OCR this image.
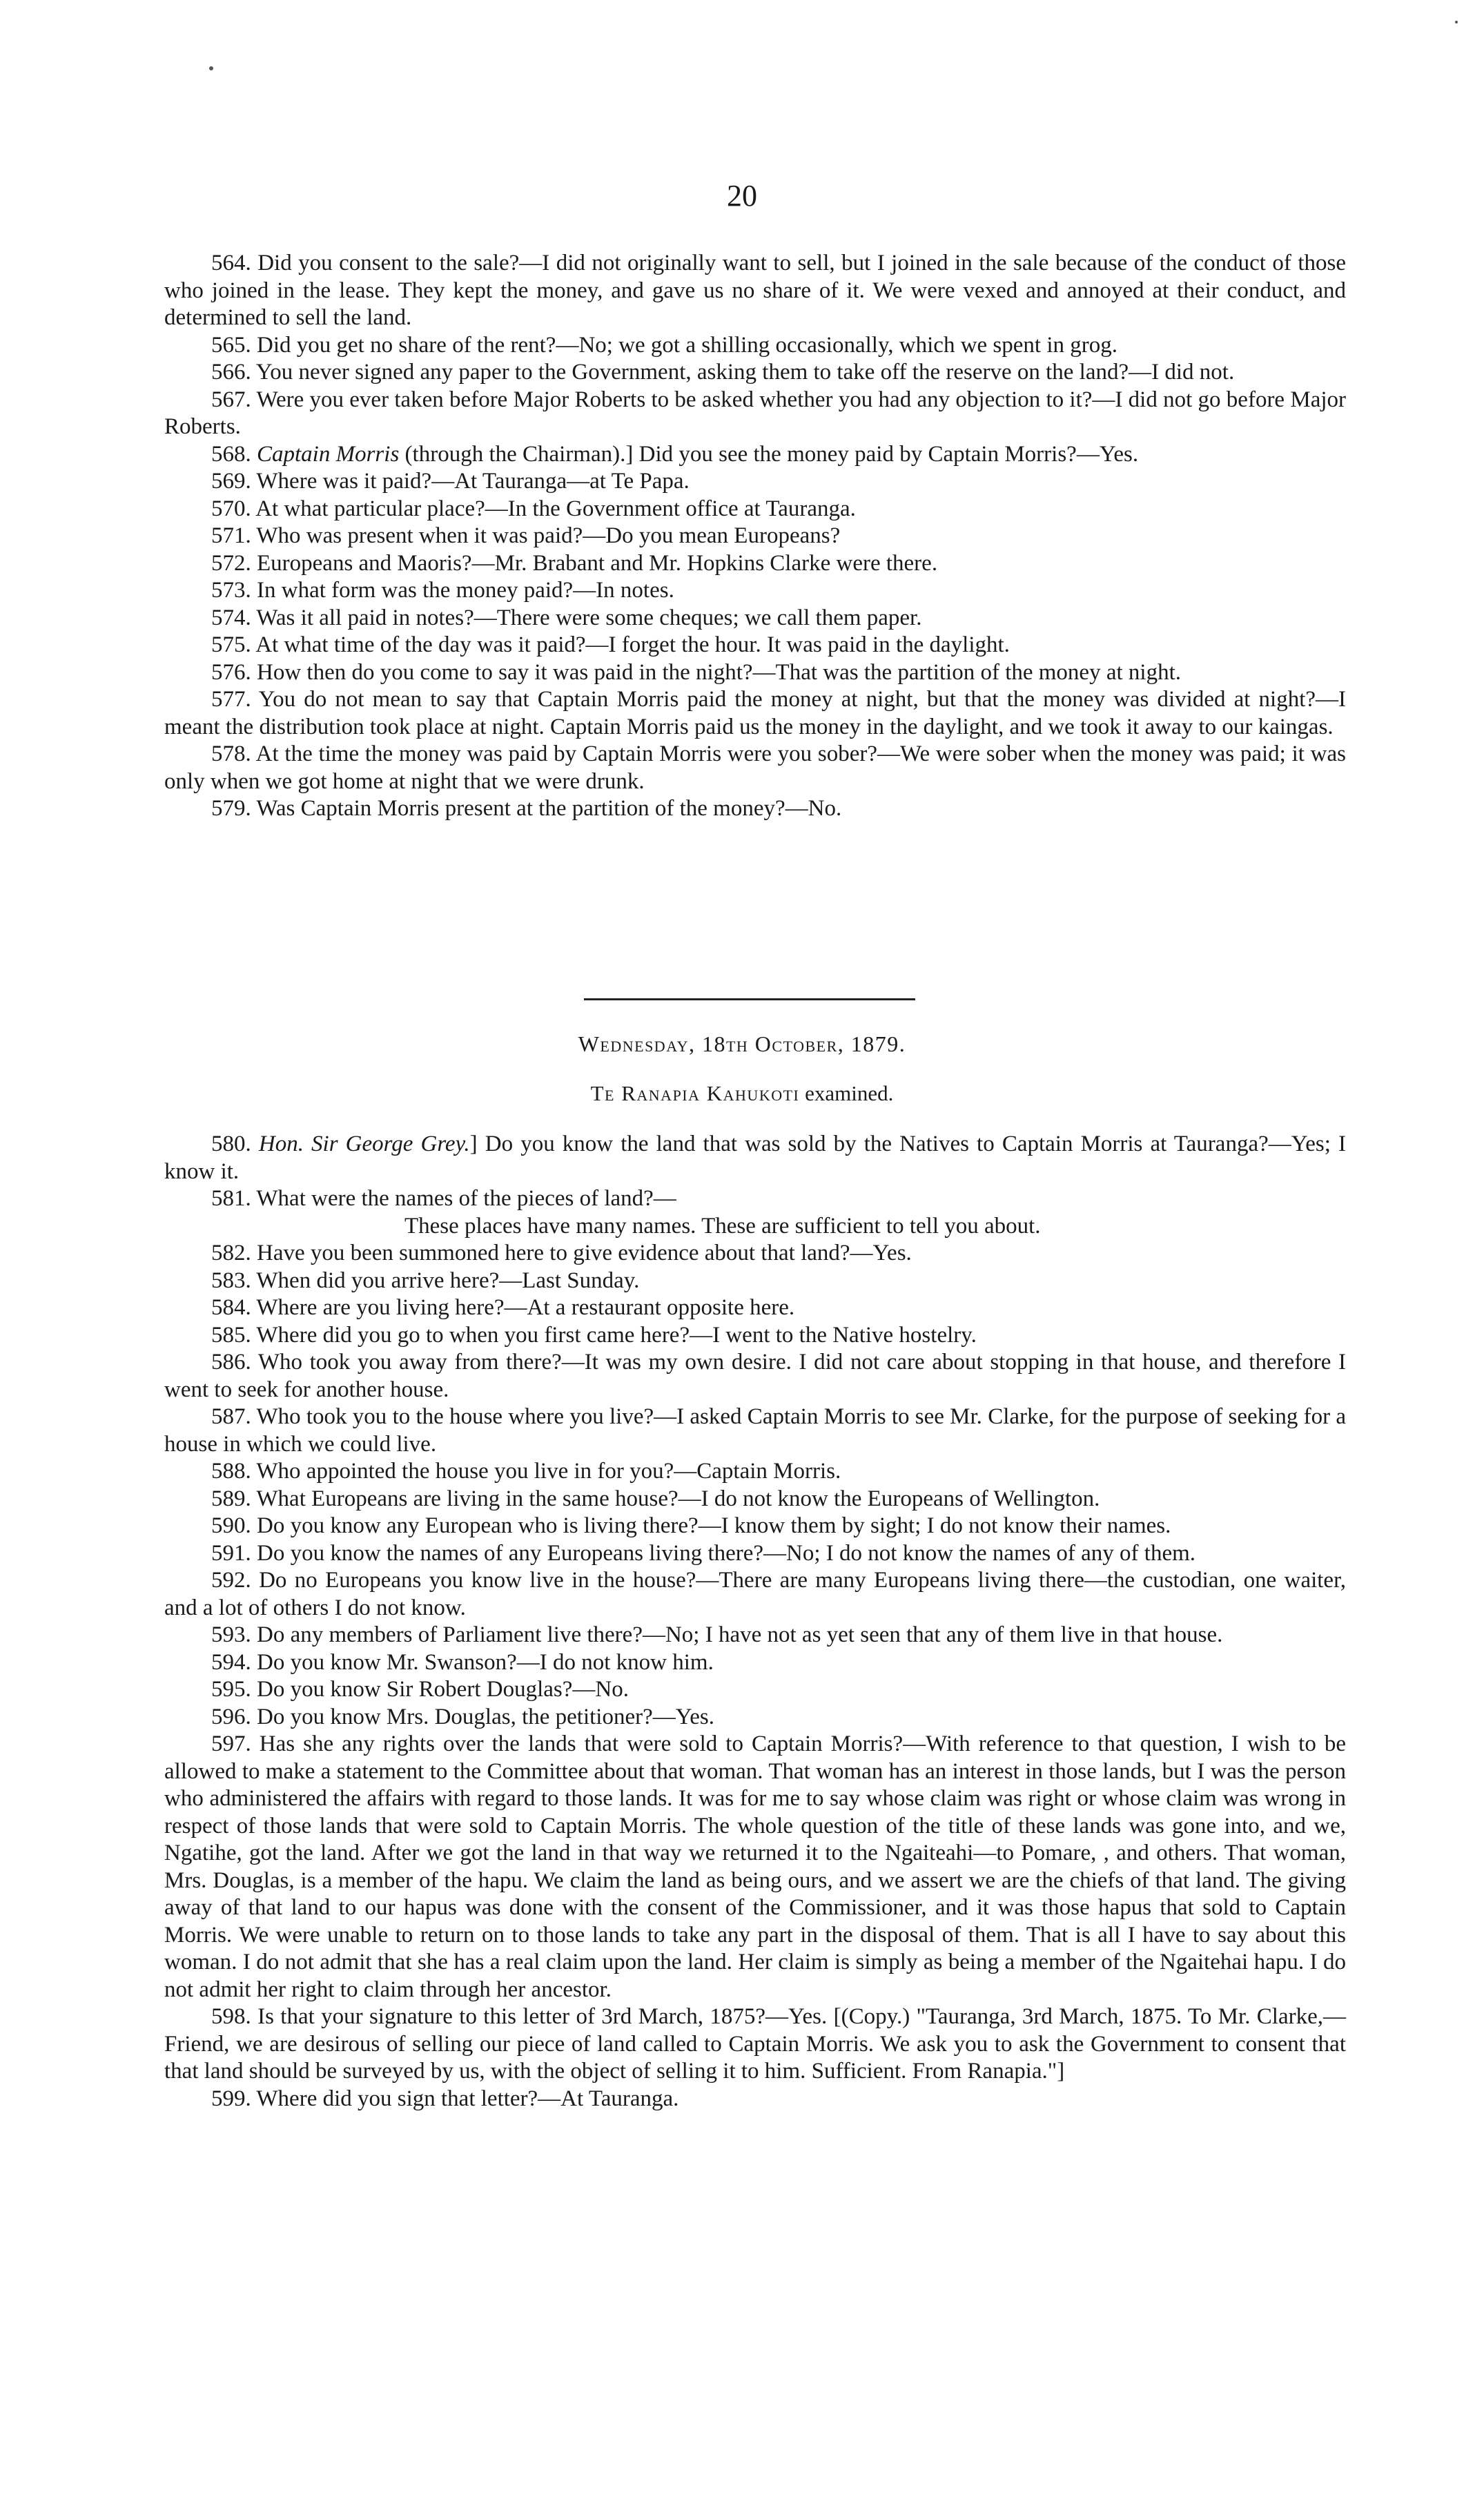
20

564. Did you consent to the sale?—I did not originally want to sell, but I joined in the sale because of the conduct of those who joined in the lease. They kept the money, and gave us no share of it. We were vexed and annoyed at their conduct, and determined to sell the land.

565. Did you get no share of the rent?—No; we got a shilling occasionally, which we spent in grog.

566. You never signed any paper to the Government, asking them to take off the reserve on the land?—I did not.

567. Were you ever taken before Major Roberts to be asked whether you had any objection to it?—I did not go before Major Roberts.

568. Captain Morris (through the Chairman).] Did you see the money paid by Captain Morris?—Yes.

569. Where was it paid?—At Tauranga—at Te Papa.

570. At what particular place?—In the Government office at Tauranga.

571. Who was present when it was paid?—Do you mean Europeans?

572. Europeans and Maoris?—Mr. Brabant and Mr. Hopkins Clarke were there.

573. In what form was the money paid?—In notes.

574. Was it all paid in notes?—There were some cheques; we call them paper.

575. At what time of the day was it paid?—I forget the hour. It was paid in the daylight.

576. How then do you come to say it was paid in the night?—That was the partition of the money at night.

577. You do not mean to say that Captain Morris paid the money at night, but that the money was divided at night?—I meant the distribution took place at night. Captain Morris paid us the money in the daylight, and we took it away to our kaingas.

578. At the time the money was paid by Captain Morris were you sober?—We were sober when the money was paid; it was only when we got home at night that we were drunk.

579. Was Captain Morris present at the partition of the money?—No.

Wednesday, 18th October, 1879.
Te Ranapia Kahukoti examined.

580. Hon. Sir George Grey.] Do you know the land that was sold by the Natives to Captain Morris at Tauranga?—Yes; I know it.

581. What were the names of the pieces of land?—

These places have many names. These are sufficient to tell you about.

582. Have you been summoned here to give evidence about that land?—Yes.

583. When did you arrive here?—Last Sunday.

584. Where are you living here?—At a restaurant opposite here.

585. Where did you go to when you first came here?—I went to the Native hostelry.

586. Who took you away from there?—It was my own desire. I did not care about stopping in that house, and therefore I went to seek for another house.

587. Who took you to the house where you live?—I asked Captain Morris to see Mr. Clarke, for the purpose of seeking for a house in which we could live.

588. Who appointed the house you live in for you?—Captain Morris.

589. What Europeans are living in the same house?—I do not know the Europeans of Wellington.

590. Do you know any European who is living there?—I know them by sight; I do not know their names.

591. Do you know the names of any Europeans living there?—No; I do not know the names of any of them.

592. Do no Europeans you know live in the house?—There are many Europeans living there—the custodian, one waiter, and a lot of others I do not know.

593. Do any members of Parliament live there?—No; I have not as yet seen that any of them live in that house.

594. Do you know Mr. Swanson?—I do not know him.

595. Do you know Sir Robert Douglas?—No.

596. Do you know Mrs. Douglas, the petitioner?—Yes.

597. Has she any rights over the lands that were sold to Captain Morris?—With reference to that question, I wish to be allowed to make a statement to the Committee about that woman. That woman has an interest in those lands, but I was the person who administered the affairs with regard to those lands. It was for me to say whose claim was right or whose claim was wrong in respect of those lands that were sold to Captain Morris. The whole question of the title of these lands was gone into, and we, Ngatihe, got the land. After we got the land in that way we returned it to the Ngaiteahi—to Pomare, , and others. That woman, Mrs. Douglas, is a member of the hapu. We claim the land as being ours, and we assert we are the chiefs of that land. The giving away of that land to our hapus was done with the consent of the Commissioner, and it was those hapus that sold to Captain Morris. We were unable to return on to those lands to take any part in the disposal of them. That is all I have to say about this woman. I do not admit that she has a real claim upon the land. Her claim is simply as being a member of the Ngaitehai hapu. I do not admit her right to claim through her ancestor.

598. Is that your signature to this letter of 3rd March, 1875?—Yes. [(Copy.) "Tauranga, 3rd March, 1875. To Mr. Clarke,—Friend, we are desirous of selling our piece of land called to Captain Morris. We ask you to ask the Government to consent that that land should be surveyed by us, with the object of selling it to him. Sufficient. From Ranapia."]

599. Where did you sign that letter?—At Tauranga.
